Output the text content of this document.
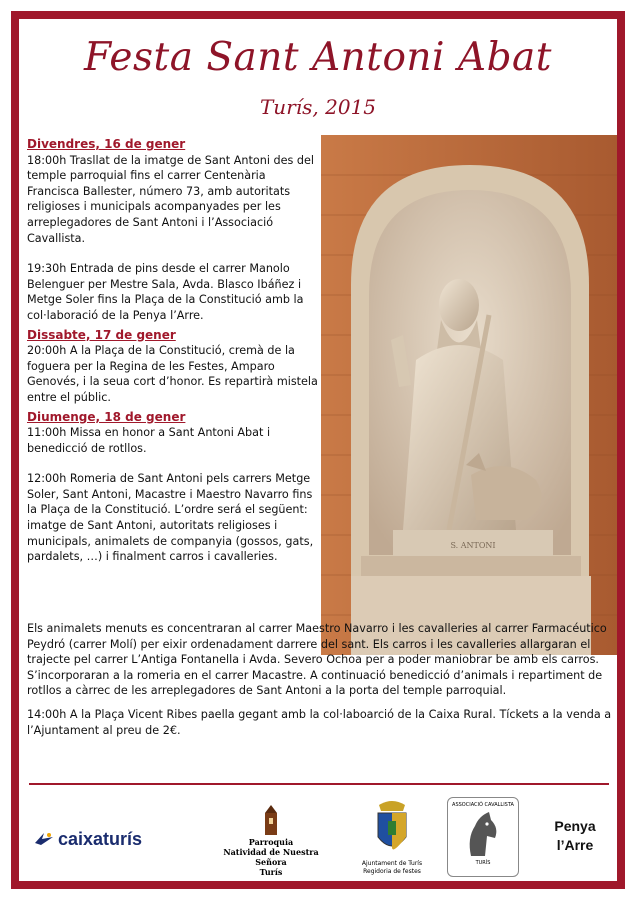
Festa Sant Antoni Abat
Turís, 2015
S. ANTONI
Divendres, 16 de gener
18:00h Trasllat de la imatge de Sant Antoni des del temple parroquial fins el carrer Centenària Francisca Ballester, número 73, amb autoritats religioses i municipals acompanyades per les arreplegadores de Sant Antoni i l’Associació Cavallista.
19:30h Entrada de pins desde el carrer Manolo Belenguer per Mestre Sala, Avda. Blasco Ibáñez i Metge Soler fins la Plaça de la Constitució amb la col·laboració de la Penya l’Arre.
Dissabte, 17 de gener
20:00h A la Plaça de la Constitució, cremà de la foguera per la Regina de les Festes, Amparo Genovés, i la seua cort d’honor. Es repartirà mistela entre el públic.
Diumenge, 18 de gener
11:00h Missa en honor a Sant Antoni Abat i benedicció de rotllos.
12:00h Romeria de Sant Antoni pels carrers Metge Soler, Sant Antoni, Macastre i Maestro Navarro fins la Plaça de la Constitució. L’ordre será el següent: imatge de Sant Antoni, autoritats religioses i municipals, animalets de companyia (gossos, gats, pardalets, …) i finalment carros i cavalleries.
Els animalets menuts es concentraran al carrer Maestro Navarro i les cavalleries al carrer Farmacéutico Peydró (carrer Molí) per eixir ordenadament darrere del sant. Els carros i les cavalleries allargaran el trajecte pel carrer L’Antiga Fontanella i Avda. Severo Ochoa per a poder maniobrar be amb els carros. S’incorporaran a la romeria en el carrer Macastre. A continuació benedicció d’animals i repartiment de rotllos a càrrec de les arreplegadores de Sant Antoni a la porta del temple parroquial.
14:00h A la Plaça Vicent Ribes paella gegant amb la col·laboarció de la Caixa Rural. Tíckets a la venda a l’Ajuntament al preu de 2€.
caixaturís	Parroquia
Natividad de Nuestra Señora
Turís
Ajuntament de Turís
Regidoria de festes
ASSOCIACIÓ CAVALLISTA
TURÍS
Penya
l’Arre
